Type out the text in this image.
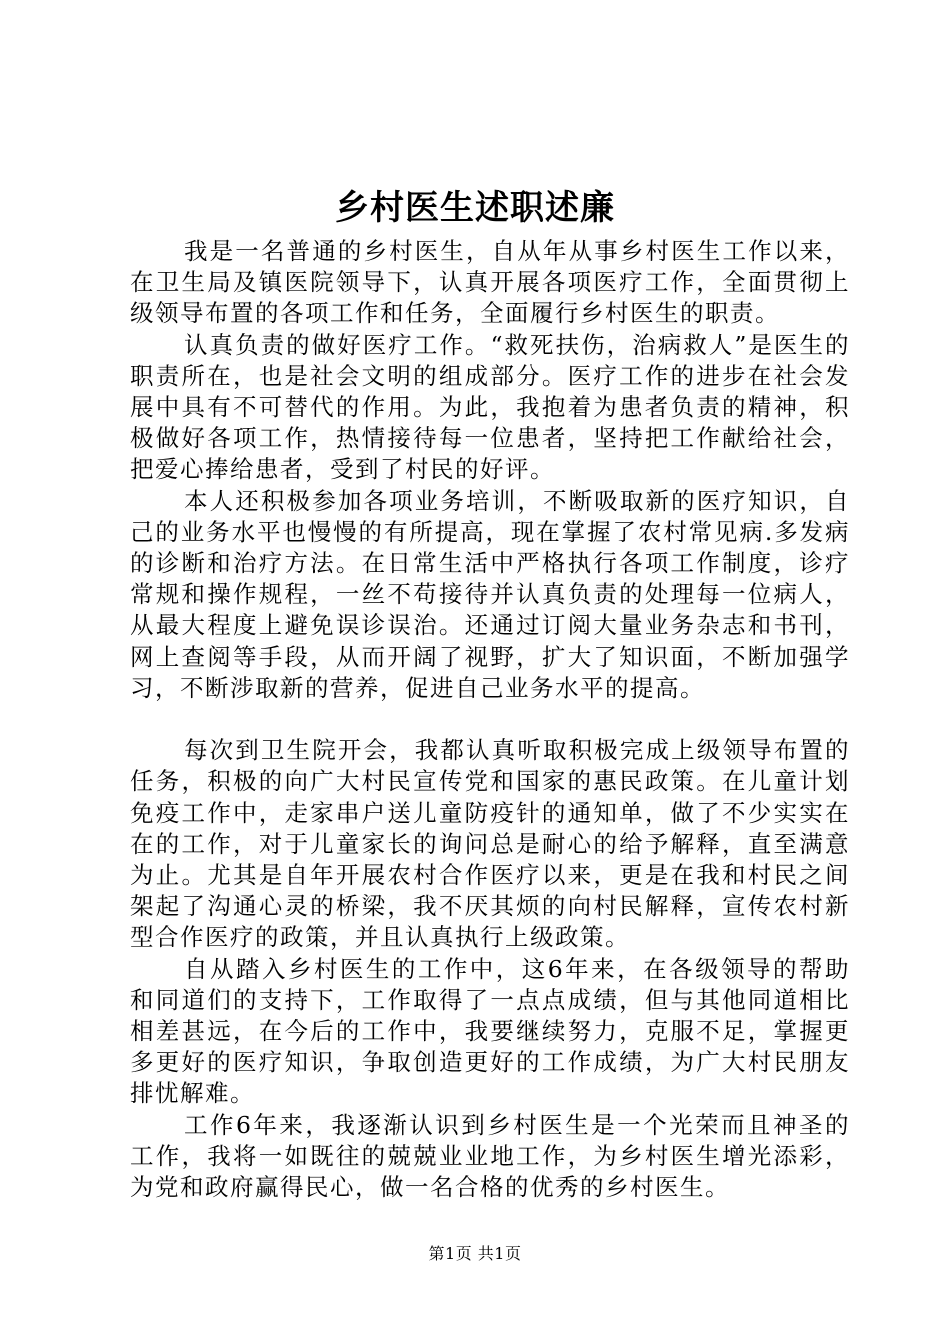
乡村医生述职述廉

我是一名普通的乡村医生，自从年从事乡村医生工作以来，在卫生局及镇医院领导下，认真开展各项医疗工作，全面贯彻上级领导布置的各项工作和任务，全面履行乡村医生的职责。

认真负责的做好医疗工作。“救死扶伤，治病救人”是医生的职责所在，也是社会文明的组成部分。医疗工作的进步在社会发展中具有不可替代的作用。为此，我抱着为患者负责的精神，积极做好各项工作，热情接待每一位患者，坚持把工作献给社会，把爱心捧给患者，受到了村民的好评。

本人还积极参加各项业务培训，不断吸取新的医疗知识，自己的业务水平也慢慢的有所提高，现在掌握了农村常见病.多发病的诊断和治疗方法。在日常生活中严格执行各项工作制度，诊疗常规和操作规程，一丝不苟接待并认真负责的处理每一位病人，从最大程度上避免误诊误治。还通过订阅大量业务杂志和书刊，网上查阅等手段，从而开阔了视野，扩大了知识面，不断加强学习，不断涉取新的营养，促进自己业务水平的提高。

每次到卫生院开会，我都认真听取积极完成上级领导布置的任务，积极的向广大村民宣传党和国家的惠民政策。在儿童计划免疫工作中，走家串户送儿童防疫针的通知单，做了不少实实在在的工作，对于儿童家长的询问总是耐心的给予解释，直至满意为止。尤其是自年开展农村合作医疗以来，更是在我和村民之间架起了沟通心灵的桥梁，我不厌其烦的向村民解释，宣传农村新型合作医疗的政策，并且认真执行上级政策。

自从踏入乡村医生的工作中，这6年来，在各级领导的帮助和同道们的支持下，工作取得了一点点成绩，但与其他同道相比相差甚远，在今后的工作中，我要继续努力，克服不足，掌握更多更好的医疗知识，争取创造更好的工作成绩，为广大村民朋友排忧解难。

工作6年来，我逐渐认识到乡村医生是一个光荣而且神圣的工作，我将一如既往的兢兢业业地工作，为乡村医生增光添彩，为党和政府赢得民心，做一名合格的优秀的乡村医生。

第1页 共1页
